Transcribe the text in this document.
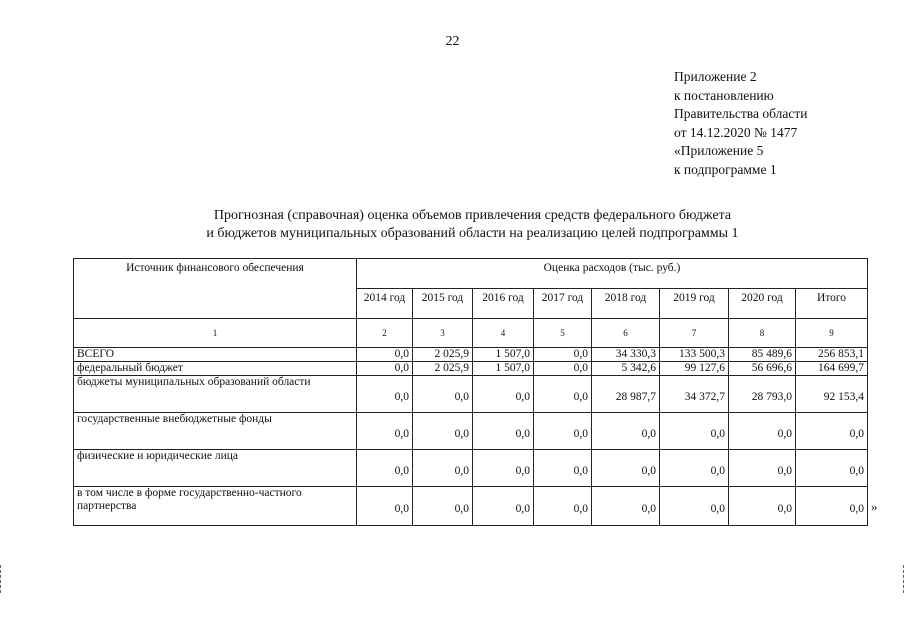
22
Приложение 2
к постановлению
Правительства области
от 14.12.2020 № 1477
«Приложение 5
к подпрограмме 1
Прогнозная (справочная) оценка объемов привлечения средств федерального бюджета
и бюджетов муниципальных образований области на реализацию целей подпрограммы 1
Источник финансового обеспечения	Оценка расходов (тыс. руб.)							
	2014 год	2015 год	2016 год	2017 год	2018 год	2019 год	2020 год	Итого
1	2	3	4	5	6	7	8	9
ВСЕГО	0,0	2 025,9	1 507,0	0,0	34 330,3	133 500,3	85 489,6	256 853,1
федеральный бюджет	0,0	2 025,9	1 507,0	0,0	5 342,6	99 127,6	56 696,6	164 699,7
бюджеты муниципальных образований области	0,0	0,0	0,0	0,0	28 987,7	34 372,7	28 793,0	92 153,4
государственные внебюджетные фонды	0,0	0,0	0,0	0,0	0,0	0,0	0,0	0,0
физические и юридические лица	0,0	0,0	0,0	0,0	0,0	0,0	0,0	0,0
в том числе в форме государственно-частного партнерства	0,0	0,0	0,0	0,0	0,0	0,0	0,0	0,0 »
